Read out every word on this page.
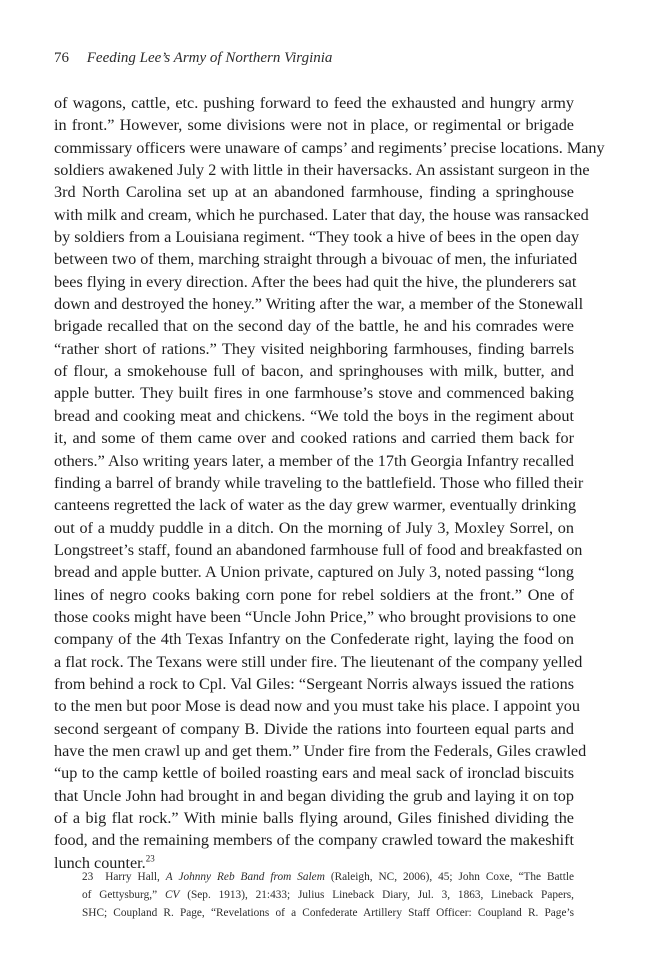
76 Feeding Lee’s Army of Northern Virginia
of wagons, cattle, etc. pushing forward to feed the exhausted and hungry army
in front.” However, some divisions were not in place, or regimental or brigade
commissary officers were unaware of camps’ and regiments’ precise locations. Many
soldiers awakened July 2 with little in their haversacks. An assistant surgeon in the
3rd North Carolina set up at an abandoned farmhouse, finding a springhouse
with milk and cream, which he purchased. Later that day, the house was ransacked
by soldiers from a Louisiana regiment. “They took a hive of bees in the open day
between two of them, marching straight through a bivouac of men, the infuriated
bees flying in every direction. After the bees had quit the hive, the plunderers sat
down and destroyed the honey.” Writing after the war, a member of the Stonewall
brigade recalled that on the second day of the battle, he and his comrades were
“rather short of rations.” They visited neighboring farmhouses, finding barrels
of flour, a smokehouse full of bacon, and springhouses with milk, butter, and
apple butter. They built fires in one farmhouse’s stove and commenced baking
bread and cooking meat and chickens. “We told the boys in the regiment about
it, and some of them came over and cooked rations and carried them back for
others.” Also writing years later, a member of the 17th Georgia Infantry recalled
finding a barrel of brandy while traveling to the battlefield. Those who filled their
canteens regretted the lack of water as the day grew warmer, eventually drinking
out of a muddy puddle in a ditch. On the morning of July 3, Moxley Sorrel, on
Longstreet’s staff, found an abandoned farmhouse full of food and breakfasted on
bread and apple butter. A Union private, captured on July 3, noted passing “long
lines of negro cooks baking corn pone for rebel soldiers at the front.” One of
those cooks might have been “Uncle John Price,” who brought provisions to one
company of the 4th Texas Infantry on the Confederate right, laying the food on
a flat rock. The Texans were still under fire. The lieutenant of the company yelled
from behind a rock to Cpl. Val Giles: “Sergeant Norris always issued the rations
to the men but poor Mose is dead now and you must take his place. I appoint you
second sergeant of company B. Divide the rations into fourteen equal parts and
have the men crawl up and get them.” Under fire from the Federals, Giles crawled
“up to the camp kettle of boiled roasting ears and meal sack of ironclad biscuits
that Uncle John had brought in and began dividing the grub and laying it on top
of a big flat rock.” With minie balls flying around, Giles finished dividing the
food, and the remaining members of the company crawled toward the makeshift
lunch counter.$^{23}$
23 Harry Hall, A Johnny Reb Band from Salem (Raleigh, NC, 2006), 45; John Coxe, “The Battle
of Gettysburg,” CV (Sep. 1913), 21:433; Julius Lineback Diary, Jul. 3, 1863, Lineback Papers,
SHC; Coupland R. Page, “Revelations of a Confederate Artillery Staff Officer: Coupland R. Page’s
